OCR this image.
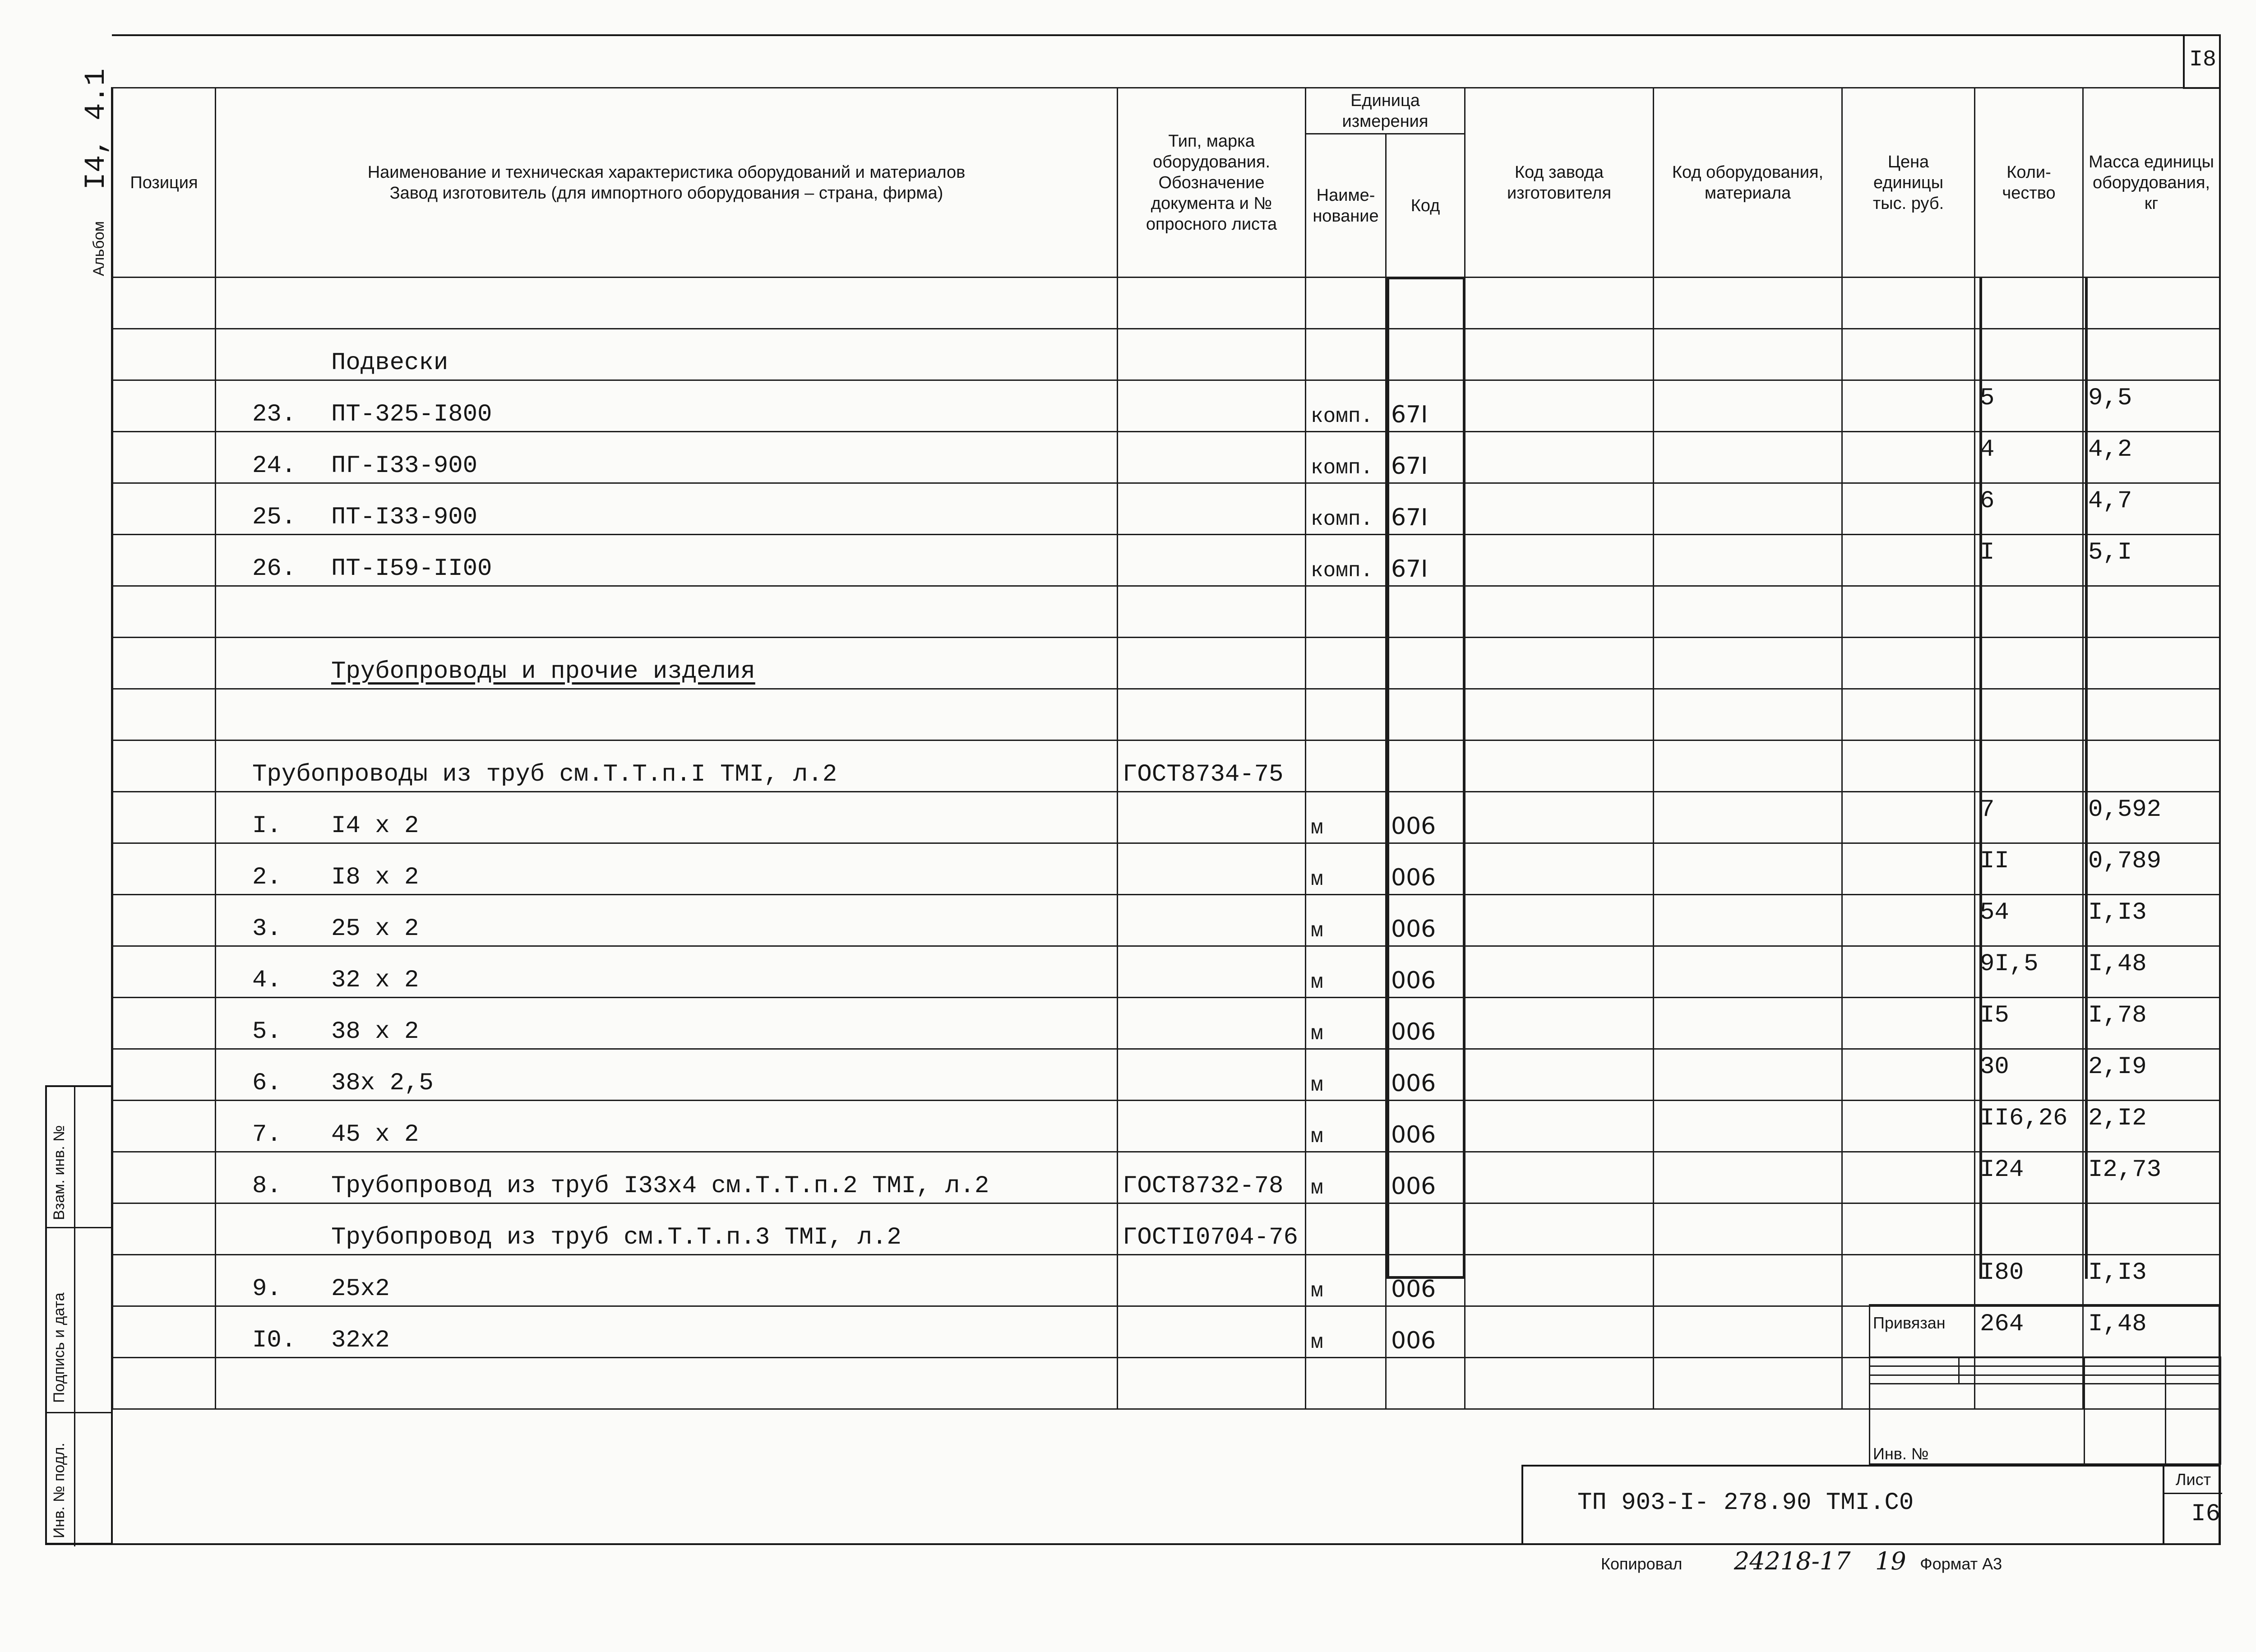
I8
Альбом I4, 4.1
Инв. № подл.
Подпись и дата
Взам. инв. №
Позиция	Наименование и техническая характеристика оборудований и материалов
Завод изготовитель (для импортного оборудования – страна, фирма)	Тип, марка оборудования. Обозначение документа и № опросного листа	Единица измерения		Код завода изготовителя	Код оборудования, материала	Цена единицы тыс. руб.	Коли- чество	Масса единицы оборудования, кг
			Наиме- нование	Код					

	Подвески								
	23. ПТ-325-I800		комп.	67I				5	9,5
	24. ПГ-I33-900		комп.	67I				4	4,2
	25. ПТ-I33-900		комп.	67I				6	4,7
	26. ПТ-I59-II00		комп.	67I				I	5,I

	Трубопроводы и прочие изделия								

	Трубопроводы из труб см.Т.Т.п.I ТМI, л.2	ГОСТ8734-75							
	I. I4 x 2		м	006				7	0,592
	2. I8 x 2		м	006				II	0,789
	3. 25 x 2		м	006				54	I,I3
	4. 32 x 2		м	006				9I,5	I,48
	5. 38 x 2		м	006				I5	I,78
	6. 38x 2,5		м	006				30	2,I9
	7. 45 x 2		м	006				II6,26	2,I2
	8. Трубопровод из труб I33x4 см.Т.Т.п.2 ТМI, л.2	ГОСТ8732-78	м	006				I24	I2,73
	Трубопровод из труб см.Т.Т.п.3 ТМI, л.2	ГОСТI0704-76							
	9. 25x2		м	006				I80	I,I3
	I0. 32x2		м	006				264	I,48

Привязан

Инв. №			
ТП 903-I- 278.90 ТМI.С0
Лист
I6
Копировал 24218-17 19 Формат А3
